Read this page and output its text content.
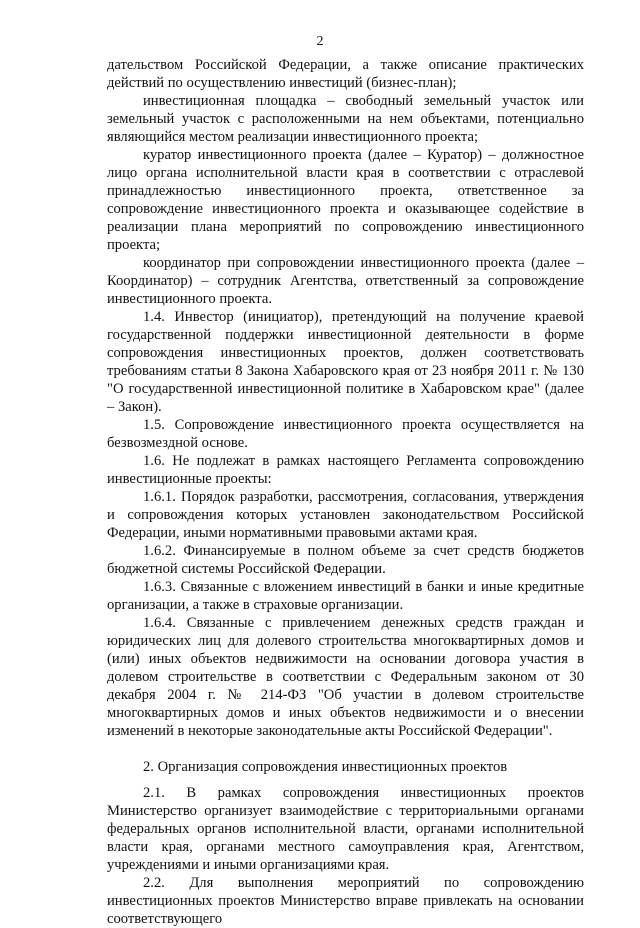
2

дательством Российской Федерации, а также описание практических действий по осуществлению инвестиций (бизнес-план);

инвестиционная площадка – свободный земельный участок или земельный участок с расположенными на нем объектами, потенциально являющийся местом реализации инвестиционного проекта;

куратор инвестиционного проекта (далее – Куратор) – должностное лицо органа исполнительной власти края в соответствии с отраслевой принадлежностью инвестиционного проекта, ответственное за сопровождение инвестиционного проекта и оказывающее содействие в реализации плана мероприятий по сопровождению инвестиционного проекта;

координатор при сопровождении инвестиционного проекта (далее – Координатор) – сотрудник Агентства, ответственный за сопровождение инвестиционного проекта.

1.4. Инвестор (инициатор), претендующий на получение краевой государственной поддержки инвестиционной деятельности в форме сопровождения инвестиционных проектов, должен соответствовать требованиям статьи 8 Закона Хабаровского края от 23 ноября 2011 г. № 130 "О государственной инвестиционной политике в Хабаровском крае" (далее – Закон).

1.5. Сопровождение инвестиционного проекта осуществляется на безвозмездной основе.

1.6. Не подлежат в рамках настоящего Регламента сопровождению инвестиционные проекты:

1.6.1. Порядок разработки, рассмотрения, согласования, утверждения и сопровождения которых установлен законодательством Российской Федерации, иными нормативными правовыми актами края.

1.6.2. Финансируемые в полном объеме за счет средств бюджетов бюджетной системы Российской Федерации.

1.6.3. Связанные с вложением инвестиций в банки и иные кредитные организации, а также в страховые организации.

1.6.4. Связанные с привлечением денежных средств граждан и юридических лиц для долевого строительства многоквартирных домов и (или) иных объектов недвижимости на основании договора участия в долевом строительстве в соответствии с Федеральным законом от 30 декабря 2004 г. № 214-ФЗ "Об участии в долевом строительстве многоквартирных домов и иных объектов недвижимости и о внесении изменений в некоторые законодательные акты Российской Федерации".

2. Организация сопровождения инвестиционных проектов

2.1. В рамках сопровождения инвестиционных проектов Министерство организует взаимодействие с территориальными органами федеральных органов исполнительной власти, органами исполнительной власти края, органами местного самоуправления края, Агентством, учреждениями и иными организациями края.

2.2. Для выполнения мероприятий по сопровождению инвестиционных проектов Министерство вправе привлекать на основании соответствующего
